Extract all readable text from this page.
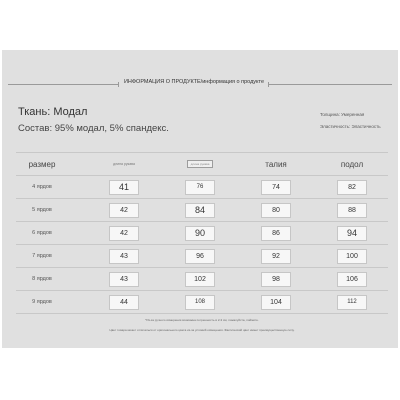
ИНФОРМАЦИЯ О ПРОДУКТЕ/информация о продукте
Ткань: Модал
Состав: 95% модал, 5% спандекс.
Толщина: Умеренная
Эластичность: Эластичность
размер	длина рукава	длина рукава	талия	подол
4 ярдов	41	76	74	82
5 ярдов	42	84	80	88
6 ярдов	42	90	86	94
7 ярдов	43	96	92	100
8 ярдов	43	102	98	106
9 ярдов	44	108	104	112
*Из-за ручного измерения возможна погрешность в 2-3 см, пожалуйста, поймите.
Цвет товара может отличаться от оригинального цвета из-за условий освещения. Фактический цвет имеет преимущественную силу.
